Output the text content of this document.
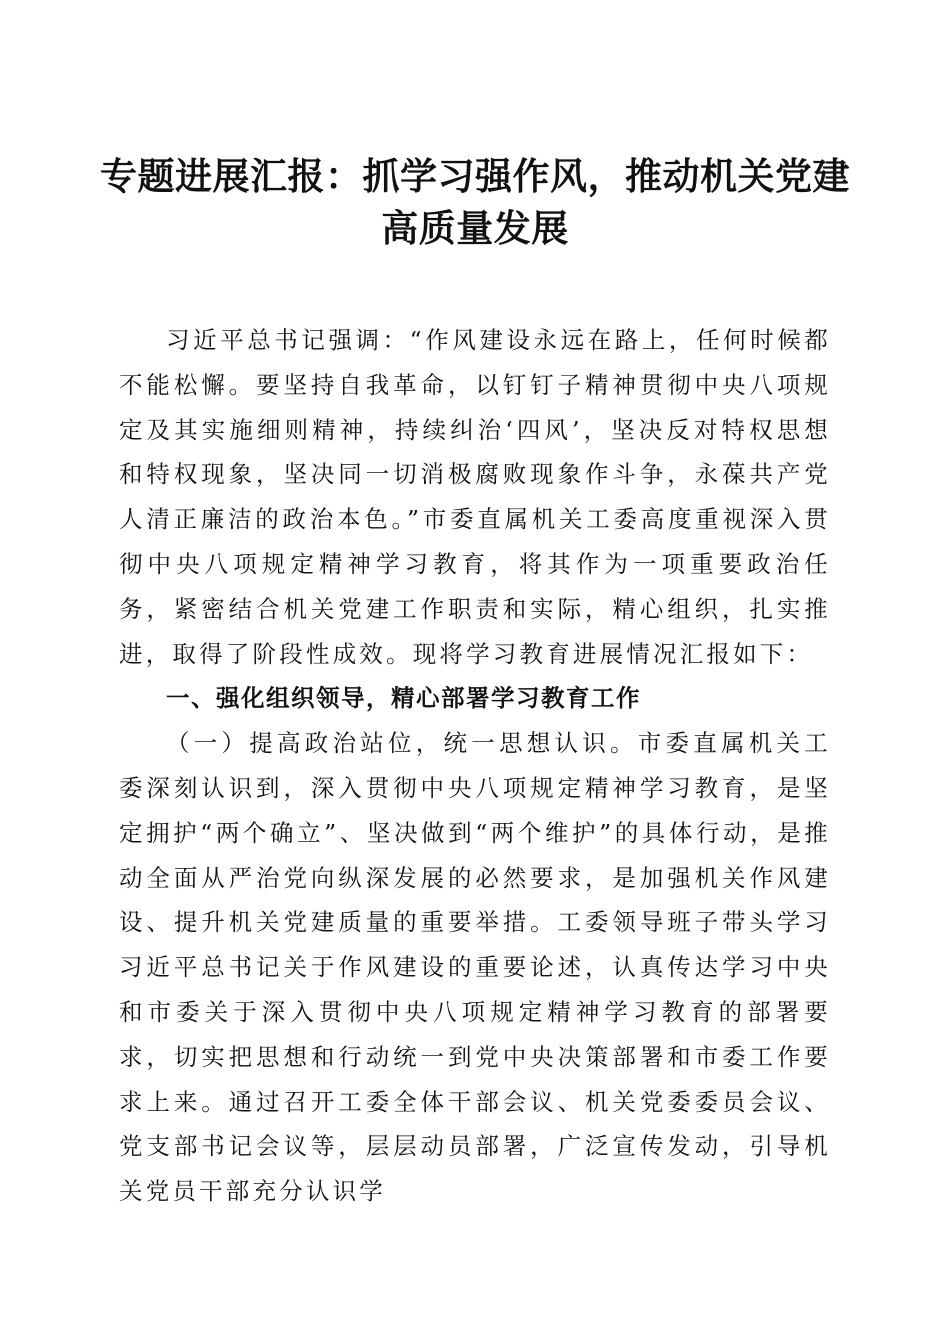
专题进展汇报：抓学习强作风，推动机关党建
高质量发展

习近平总书记强调：“作风建设永远在路上，任何时候都不能松懈。要坚持自我革命，以钉钉子精神贯彻中央八项规定及其实施细则精神，持续纠治‘四风’，坚决反对特权思想和特权现象，坚决同一切消极腐败现象作斗争，永葆共产党人清正廉洁的政治本色。”市委直属机关工委高度重视深入贯彻中央八项规定精神学习教育，将其作为一项重要政治任务，紧密结合机关党建工作职责和实际，精心组织，扎实推进，取得了阶段性成效。现将学习教育进展情况汇报如下：

一、强化组织领导，精心部署学习教育工作

（一）提高政治站位，统一思想认识。市委直属机关工委深刻认识到，深入贯彻中央八项规定精神学习教育，是坚定拥护“两个确立”、坚决做到“两个维护”的具体行动，是推动全面从严治党向纵深发展的必然要求，是加强机关作风建设、提升机关党建质量的重要举措。工委领导班子带头学习习近平总书记关于作风建设的重要论述，认真传达学习中央和市委关于深入贯彻中央八项规定精神学习教育的部署要求，切实把思想和行动统一到党中央决策部署和市委工作要求上来。通过召开工委全体干部会议、机关党委委员会议、党支部书记会议等，层层动员部署，广泛宣传发动，引导机关党员干部充分认识学
